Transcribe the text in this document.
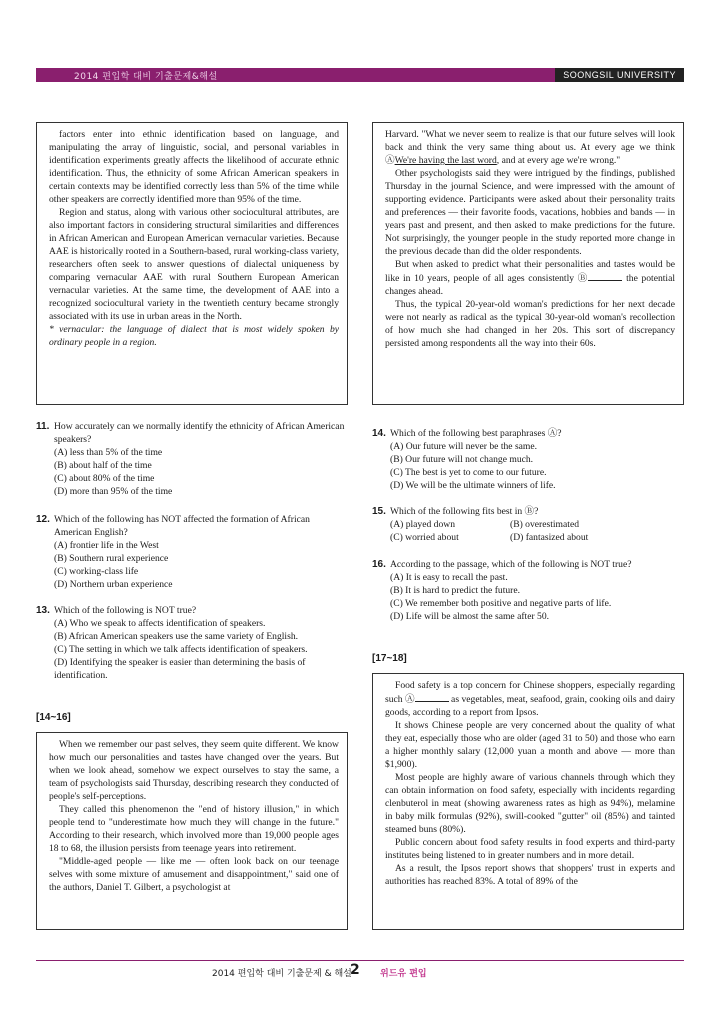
2014 편입학 대비 기출문제&해설	SOONGSIL UNIVERSITY

factors enter into ethnic identification based on language, and manipulating the array of linguistic, social, and personal variables in identification experiments greatly affects the likelihood of accurate ethnic identification. Thus, the ethnicity of some African American speakers in certain contexts may be identified correctly less than 5% of the time while other speakers are correctly identified more than 95% of the time.

Region and status, along with various other sociocultural attributes, are also important factors in considering structural similarities and differences in African American and European American vernacular varieties. Because AAE is historically rooted in a Southern-based, rural working-class variety, researchers often seek to answer questions of dialectal uniqueness by comparing vernacular AAE with rural Southern European American vernacular varieties. At the same time, the development of AAE into a recognized sociocultural variety in the twentieth century became strongly associated with its use in urban areas in the North.

* vernacular: the language of dialect that is most widely spoken by ordinary people in a region.

Harvard. "What we never seem to realize is that our future selves will look back and think the very same thing about us. At every age we think ⒶWe're having the last word, and at every age we're wrong."

Other psychologists said they were intrigued by the findings, published Thursday in the journal Science, and were impressed with the amount of supporting evidence. Participants were asked about their personality traits and preferences — their favorite foods, vacations, hobbies and bands — in years past and present, and then asked to make predictions for the future. Not surprisingly, the younger people in the study reported more change in the previous decade than did the older respondents.

But when asked to predict what their personalities and tastes would be like in 10 years, people of all ages consistently Ⓑ	the potential changes ahead.

Thus, the typical 20-year-old woman's predictions for her next decade were not nearly as radical as the typical 30-year-old woman's recollection of how much she had changed in her 20s. This sort of discrepancy persisted among respondents all the way into their 60s.

11. How accurately can we normally identify the ethnicity of African American speakers?
(A) less than 5% of the time
(B) about half of the time
(C) about 80% of the time
(D) more than 95% of the time
12. Which of the following has NOT affected the formation of African American English?
(A) frontier life in the West
(B) Southern rural experience
(C) working-class life
(D) Northern urban experience
13. Which of the following is NOT true?
(A) Who we speak to affects identification of speakers.
(B) African American speakers use the same variety of English.
(C) The setting in which we talk affects identification of speakers.
(D) Identifying the speaker is easier than determining the basis of identification.
[14~16]

When we remember our past selves, they seem quite different. We know how much our personalities and tastes have changed over the years. But when we look ahead, somehow we expect ourselves to stay the same, a team of psychologists said Thursday, describing research they conducted of people's self-perceptions.

They called this phenomenon the "end of history illusion," in which people tend to "underestimate how much they will change in the future." According to their research, which involved more than 19,000 people ages 18 to 68, the illusion persists from teenage years into retirement.

"Middle-aged people — like me — often look back on our teenage selves with some mixture of amusement and disappointment," said one of the authors, Daniel T. Gilbert, a psychologist at

14. Which of the following best paraphrases Ⓐ?
(A) Our future will never be the same.
(B) Our future will not change much.
(C) The best is yet to come to our future.
(D) We will be the ultimate winners of life.
15. Which of the following fits best in Ⓑ?
(A) played down	(B) overestimated
(C) worried about	(D) fantasized about
16. According to the passage, which of the following is NOT true?
(A) It is easy to recall the past.
(B) It is hard to predict the future.
(C) We remember both positive and negative parts of life.
(D) Life will be almost the same after 50.
[17~18]

Food safety is a top concern for Chinese shoppers, especially regarding such Ⓐ	as vegetables, meat, seafood, grain, cooking oils and dairy goods, according to a report from Ipsos.

It shows Chinese people are very concerned about the quality of what they eat, especially those who are older (aged 31 to 50) and those who earn a higher monthly salary (12,000 yuan a month and above — more than $1,900).

Most people are highly aware of various channels through which they can obtain information on food safety, especially with incidents regarding clenbuterol in meat (showing awareness rates as high as 94%), melamine in baby milk formulas (92%), swill-cooked "gutter" oil (85%) and tainted steamed buns (80%).

Public concern about food safety results in food experts and third-party institutes being listened to in greater numbers and in more detail.

As a result, the Ipsos report shows that shoppers' trust in experts and authorities has reached 83%. A total of 89% of the

2014 편입학 대비 기출문제 & 해설
2 위드유 편입
